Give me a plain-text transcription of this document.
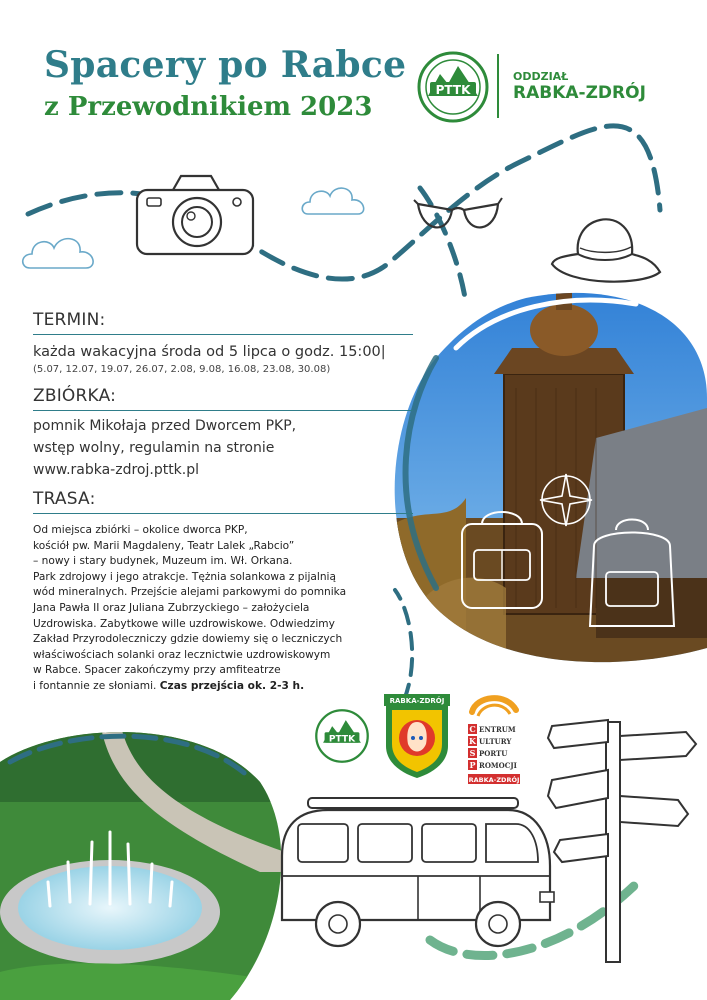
Spacery po Rabce
z Przewodnikiem 2023
PTTK
ODDZIAŁ
RABKA-ZDRÓJ
TERMIN:
każda wakacyjna środa od 5 lipca o godz. 15:00|
(5.07, 12.07, 19.07, 26.07, 2.08, 9.08, 16.08, 23.08, 30.08)
ZBIÓRKA:
pomnik Mikołaja przed Dworcem PKP,
wstęp wolny, regulamin na stronie
www.rabka-zdroj.pttk.pl
TRASA:
Od miejsca zbiórki – okolice dworca PKP,
kościół pw. Marii Magdaleny, Teatr Lalek „Rabcio”
– nowy i stary budynek, Muzeum im. Wł. Orkana.
Park zdrojowy i jego atrakcje. Tężnia solankowa z pijalnią
wód mineralnych. Przejście alejami parkowymi do pomnika
Jana Pawła II oraz Juliana Zubrzyckiego – założyciela
Uzdrowiska. Zabytkowe wille uzdrowiskowe. Odwiedzimy
Zakład Przyrodoleczniczy gdzie dowiemy się o leczniczych
właściwościach solanki oraz lecznictwie uzdrowiskowym
w Rabce. Spacer zakończymy przy amfiteatrze
i fontannie ze słoniami. Czas przejścia ok. 2-3 h.
PTTK
RABKA-ZDRÓJ
C ENTRUM
K ULTURY
S PORTU
P ROMOCJI
RABKA-ZDRÓJ
